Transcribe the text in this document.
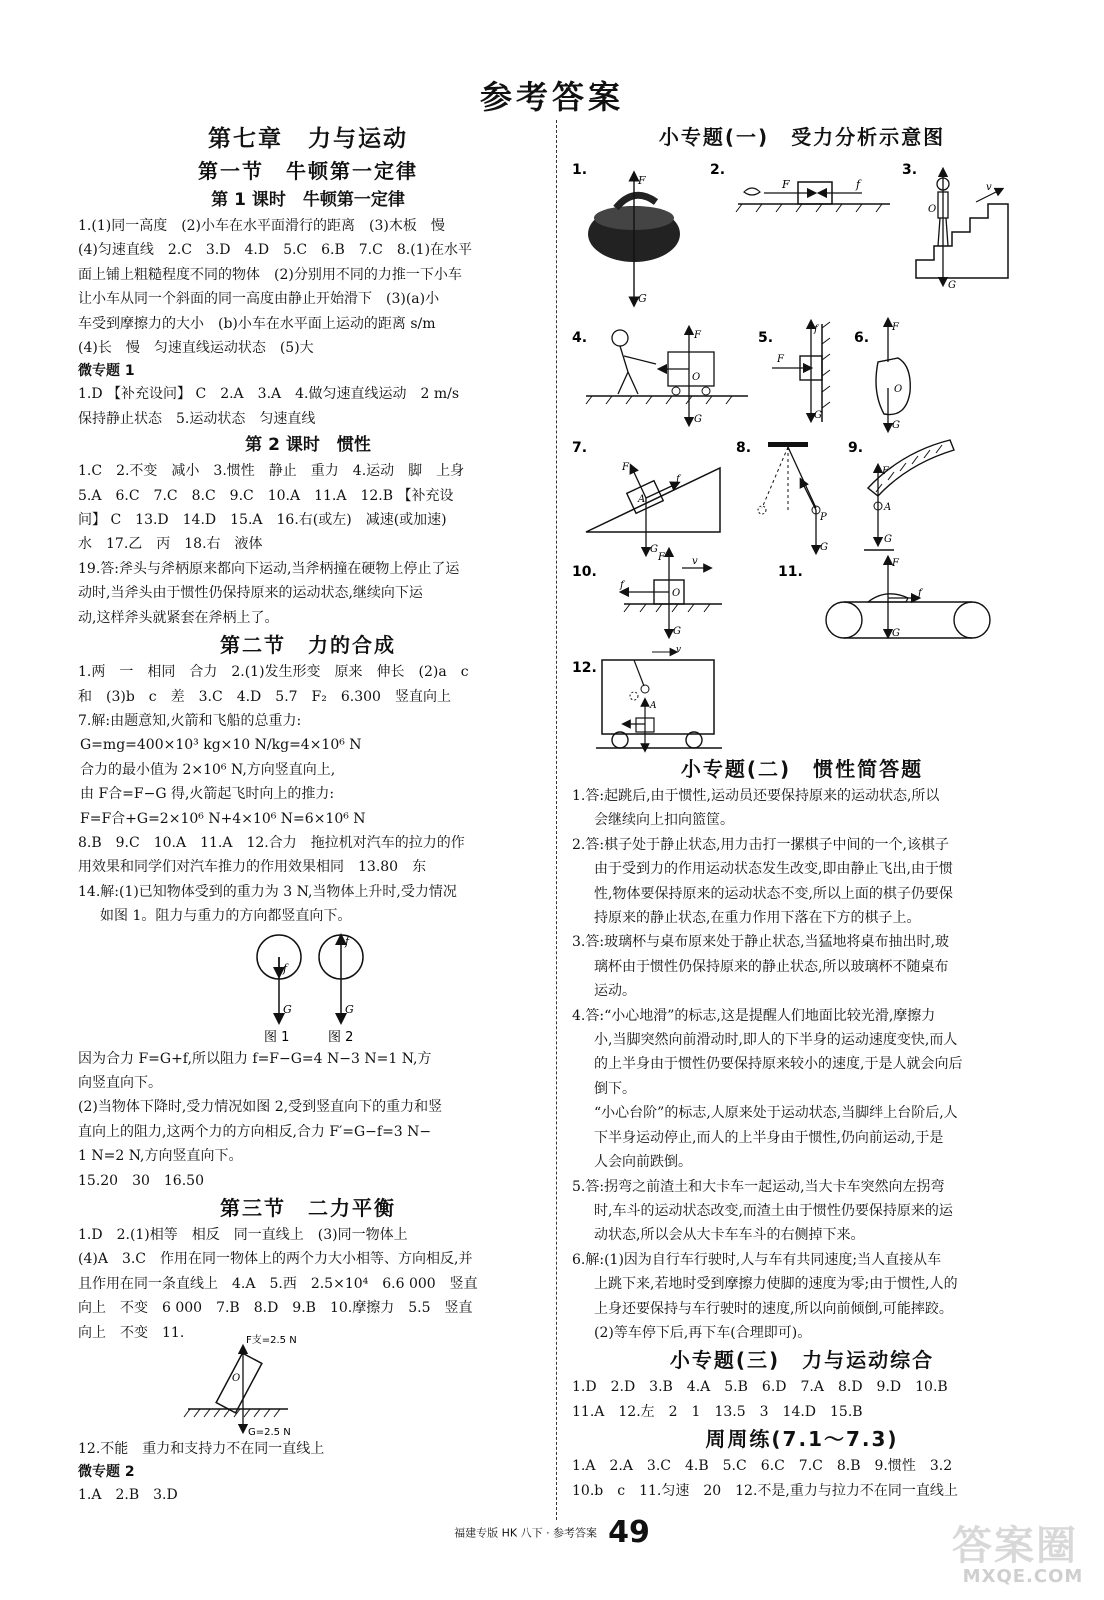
参考答案
第七章　力与运动
第一节　牛顿第一定律
第 1 课时　牛顿第一定律
1.(1)同一高度　(2)小车在水平面滑行的距离　(3)木板　慢
(4)匀速直线　2.C　3.D　4.D　5.C　6.B　7.C　8.(1)在水平
面上铺上粗糙程度不同的物体　(2)分别用不同的力推一下小车
让小车从同一个斜面的同一高度由静止开始滑下　(3)(a)小
车受到摩擦力的大小　(b)小车在水平面上运动的距离 s/m
(4)长　慢　匀速直线运动状态　(5)大
微专题 1
1.D 【补充设问】 C　2.A　3.A　4.做匀速直线运动　2 m/s
保持静止状态　5.运动状态　匀速直线
第 2 课时　惯性
1.C　2.不变　减小　3.惯性　静止　重力　4.运动　脚　上身
5.A　6.C　7.C　8.C　9.C　10.A　11.A　12.B 【补充设
问】 C　13.D　14.D　15.A　16.右(或左)　减速(或加速)
水　17.乙　丙　18.右　液体
19.答:斧头与斧柄原来都向下运动,当斧柄撞在硬物上停止了运
动时,当斧头由于惯性仍保持原来的运动状态,继续向下运
动,这样斧头就紧套在斧柄上了。
第二节　力的合成
1.两　一　相同　合力　2.(1)发生形变　原来　伸长　(2)a　c
和　(3)b　c　差　3.C　4.D　5.7　F₂　6.300　竖直向上
7.解:由题意知,火箭和飞船的总重力:
G=mg=400×10³ kg×10 N/kg=4×10⁶ N
合力的最小值为 2×10⁶ N,方向竖直向上,
由 F合=F−G 得,火箭起飞时向上的推力:
F=F合+G=2×10⁶ N+4×10⁶ N=6×10⁶ N
8.B　9.C　10.A　11.A　12.合力　拖拉机对汽车的拉力的作
用效果和同学们对汽车推力的作用效果相同　13.80　东
14.解:(1)已知物体受到的重力为 3 N,当物体上升时,受力情况
如图 1。阻力与重力的方向都竖直向下。
f
G
f
G
图 1	图 2
因为合力 F=G+f,所以阻力 f=F−G=4 N−3 N=1 N,方
向竖直向下。
(2)当物体下降时,受力情况如图 2,受到竖直向下的重力和竖
直向上的阻力,这两个力的方向相反,合力 F′=G−f=3 N−
1 N=2 N,方向竖直向下。
15.20　30　16.50
第三节　二力平衡
1.D　2.(1)相等　相反　同一直线上　(3)同一物体上
(4)A　3.C　作用在同一物体上的两个力大小相等、方向相反,并
且作用在同一条直线上　4.A　5.西　2.5×10⁴　6.6 000　竖直
向上　不变　6 000　7.B　8.D　9.B　10.摩擦力　5.5　竖直
向上　不变　11.	F支=2.5 N
O
G=2.5 N
12.不能　重力和支持力不在同一直线上
微专题 2
1.A　2.B　3.D
小专题(一)　受力分析示意图
1.	2.	3.
4.	5.	6.
7.	8.	9.
10.	11.
12.
F
G
F	f	v
O
G
F
G
O
F
f
G
F
G
O
F
f
G
A
P
G
A
F
G
F	v
f
G
O
F
f
G
A
v
小专题(二)　惯性简答题
1.答:起跳后,由于惯性,运动员还要保持原来的运动状态,所以
会继续向上扣向篮筐。
2.答:棋子处于静止状态,用力击打一摞棋子中间的一个,该棋子
由于受到力的作用运动状态发生改变,即由静止飞出,由于惯
性,物体要保持原来的运动状态不变,所以上面的棋子仍要保
持原来的静止状态,在重力作用下落在下方的棋子上。
3.答:玻璃杯与桌布原来处于静止状态,当猛地将桌布抽出时,玻
璃杯由于惯性仍保持原来的静止状态,所以玻璃杯不随桌布
运动。
4.答:“小心地滑”的标志,这是提醒人们地面比较光滑,摩擦力
小,当脚突然向前滑动时,即人的下半身的运动速度变快,而人
的上半身由于惯性仍要保持原来较小的速度,于是人就会向后
倒下。
“小心台阶”的标志,人原来处于运动状态,当脚绊上台阶后,人
下半身运动停止,而人的上半身由于惯性,仍向前运动,于是
人会向前跌倒。
5.答:拐弯之前渣土和大卡车一起运动,当大卡车突然向左拐弯
时,车斗的运动状态改变,而渣土由于惯性仍要保持原来的运
动状态,所以会从大卡车车斗的右侧掉下来。
6.解:(1)因为自行车行驶时,人与车有共同速度;当人直接从车
上跳下来,若地时受到摩擦力使脚的速度为零;由于惯性,人的
上身还要保持与车行驶时的速度,所以向前倾倒,可能摔跤。
(2)等车停下后,再下车(合理即可)。
小专题(三)　力与运动综合
1.D　2.D　3.B　4.A　5.B　6.D　7.A　8.D　9.D　10.B
11.A　12.左　2　1　13.5　3　14.D　15.B
周周练(7.1～7.3)
1.A　2.A　3.C　4.B　5.C　6.C　7.C　8.B　9.惯性　3.2
10.b　c　11.匀速　20　12.不是,重力与拉力不在同一直线上
福建专版 HK 八下 · 参考答案 49	答案圈
MXQE.COM
